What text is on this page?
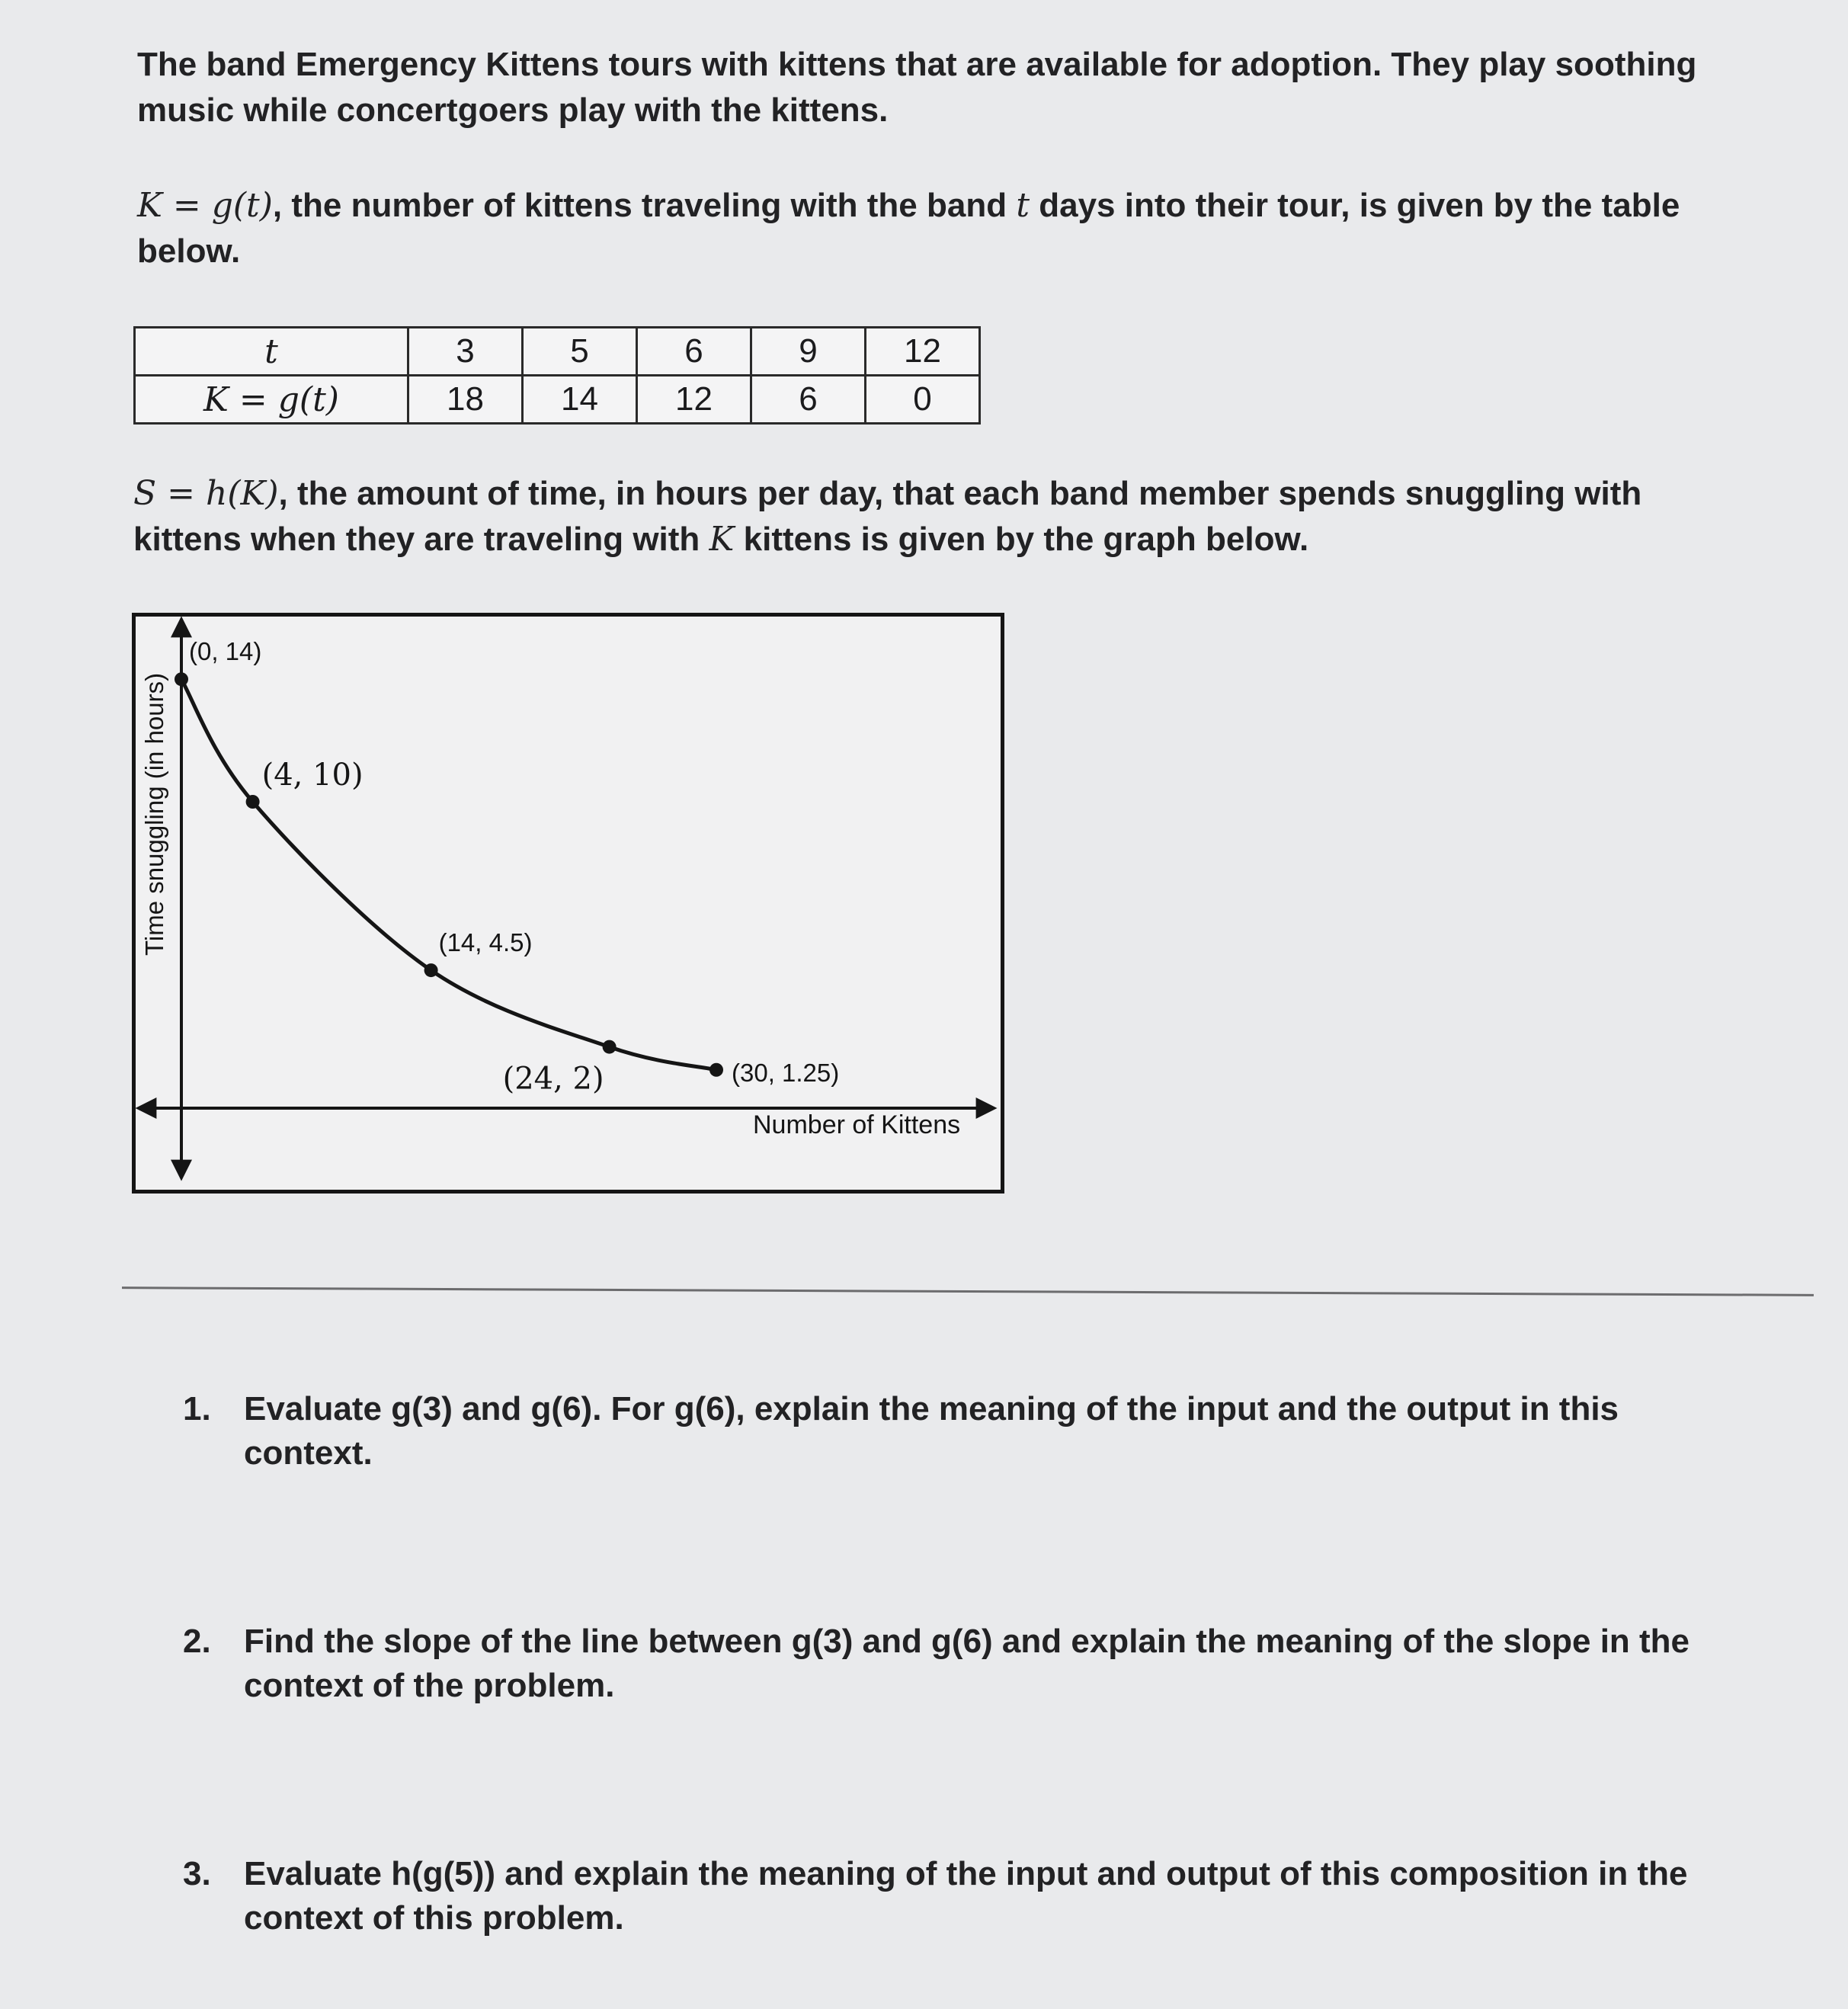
The band Emergency Kittens tours with kittens that are available for adoption. They play soothing
music while concertgoers play with the kittens.
K = g(t), the number of kittens traveling with the band t days into their tour, is given by the table
below.
t	3	5	6	9	12
K = g(t)	18	14	12	6	0
S = h(K), the amount of time, in hours per day, that each band member spends snuggling with
kittens when they are traveling with K kittens is given by the graph below.
Time snuggling (in hours)
Number of Kittens
(0, 14)
(4, 10)
(14, 4.5)
(24, 2)	(30, 1.25)
1. Evaluate g(3) and g(6). For g(6), explain the meaning of the input and the output in this
context.
2. Find the slope of the line between g(3) and g(6) and explain the meaning of the slope in the
context of the problem.
3. Evaluate h(g(5)) and explain the meaning of the input and output of this composition in the
context of this problem.
